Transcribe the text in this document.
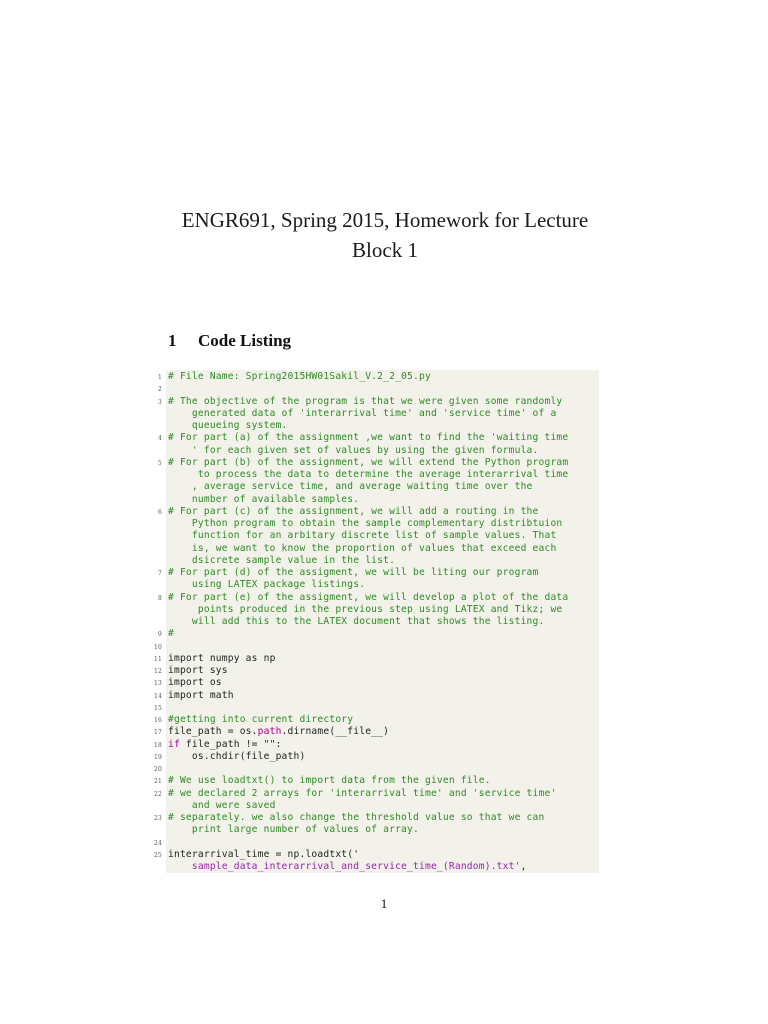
ENGR691, Spring 2015, Homework for Lecture
Block 1
1 Code Listing
1 # File Name: Spring2015HW01Sakil_V.2_2_05.py
2
3 # The objective of the program is that we were given some randomly
generated data of 'interarrival time' and 'service time' of a
queueing system.
4 # For part (a) of the assignment ,we want to find the 'waiting time
' for each given set of values by using the given formula.
5 # For part (b) of the assignment, we will extend the Python program
to process the data to determine the average interarrival time
, average service time, and average waiting time over the
number of available samples.
6 # For part (c) of the assignment, we will add a routing in the
Python program to obtain the sample complementary distribtuion
function for an arbitary discrete list of sample values. That
is, we want to know the proportion of values that exceed each
dsicrete sample value in the list.
7 # For part (d) of the assigment, we will be liting our program
using LATEX package listings.
8 # For part (e) of the assigment, we will develop a plot of the data
points produced in the previous step using LATEX and Tikz; we
will add this to the LATEX document that shows the listing.
9 #
10
11 import numpy as np
12 import sys
13 import os
14 import math
15
16 #getting into current directory
17 file_path = os.path.dirname(__file__)
18 if file_path != "":
19 os.chdir(file_path)
20
21 # We use loadtxt() to import data from the given file.
22 # we declared 2 arrays for 'interarrival time' and 'service time'
and were saved
23 # separately. we also change the threshold value so that we can
print large number of values of array.
24
25 interarrival_time = np.loadtxt('
sample_data_interarrival_and_service_time_(Random).txt',
1
